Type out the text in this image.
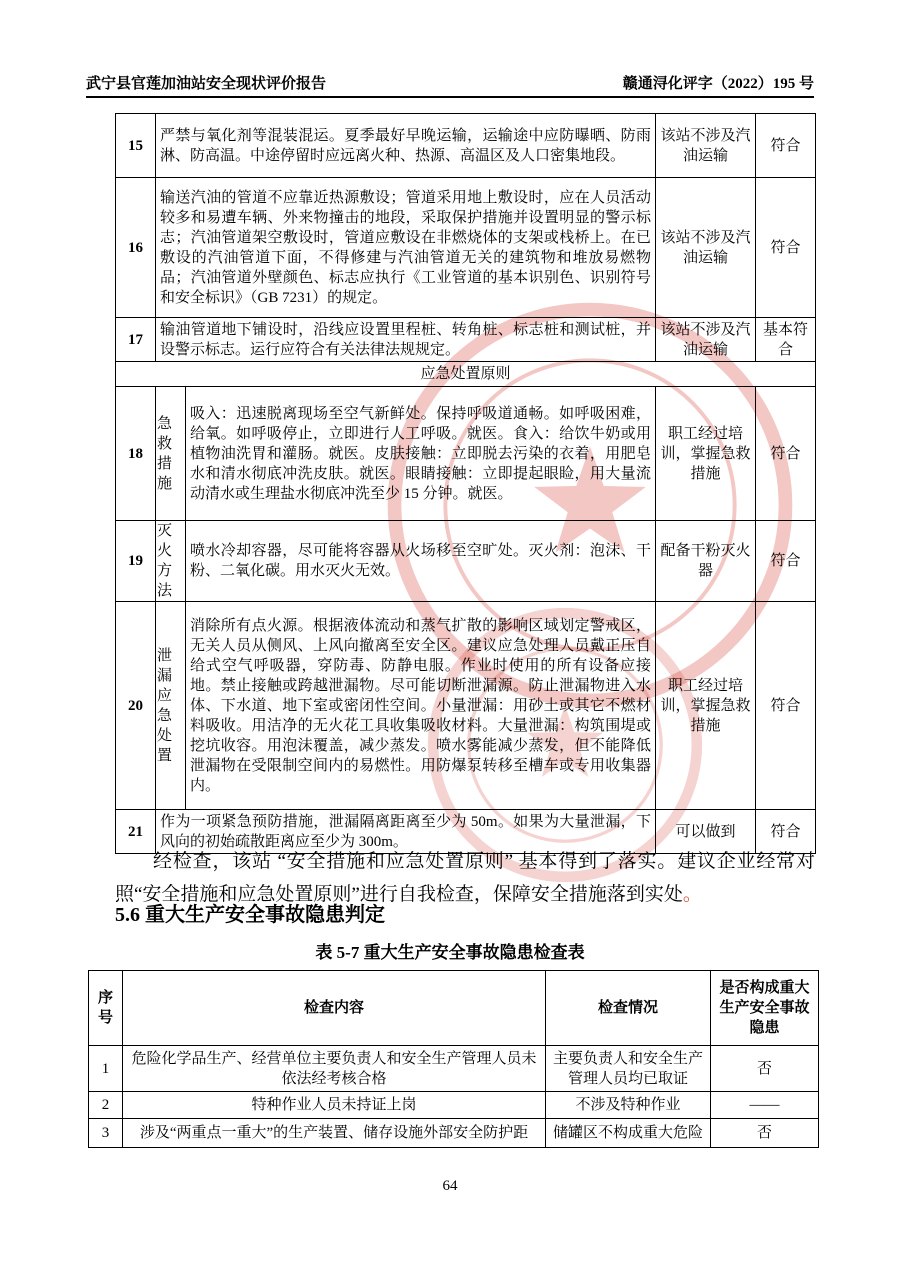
武宁县官莲加油站安全现状评价报告	赣通浔化评字（2022）195 号
15	严禁与氧化剂等混装混运。夏季最好早晚运输，运输途中应防曝晒、防雨淋、防高温。中途停留时应远离火种、热源、高温区及人口密集地段。		该站不涉及汽油运输	符合
16	输送汽油的管道不应靠近热源敷设；管道采用地上敷设时，应在人员活动较多和易遭车辆、外来物撞击的地段，采取保护措施并设置明显的警示标志；汽油管道架空敷设时，管道应敷设在非燃烧体的支架或栈桥上。在已敷设的汽油管道下面，不得修建与汽油管道无关的建筑物和堆放易燃物品；汽油管道外壁颜色、标志应执行《工业管道的基本识别色、识别符号和安全标识》（GB 7231）的规定。		该站不涉及汽油运输	符合
17	输油管道地下铺设时，沿线应设置里程桩、转角桩、标志桩和测试桩，并设警示标志。运行应符合有关法律法规规定。		该站不涉及汽油运输	基本符合
应急处置原则				
18	急救措施	吸入：迅速脱离现场至空气新鲜处。保持呼吸道通畅。如呼吸困难，给氧。如呼吸停止，立即进行人工呼吸。就医。食入：给饮牛奶或用植物油洗胃和灌肠。就医。皮肤接触：立即脱去污染的衣着，用肥皂水和清水彻底冲洗皮肤。就医。眼睛接触：立即提起眼睑，用大量流动清水或生理盐水彻底冲洗至少 15 分钟。就医。	职工经过培训，掌握急救措施	符合
19	灭火方法	喷水冷却容器，尽可能将容器从火场移至空旷处。灭火剂：泡沫、干粉、二氧化碳。用水灭火无效。	配备干粉灭火器	符合
20	泄漏应急处置	消除所有点火源。根据液体流动和蒸气扩散的影响区域划定警戒区，无关人员从侧风、上风向撤离至安全区。建议应急处理人员戴正压自给式空气呼吸器，穿防毒、防静电服。作业时使用的所有设备应接地。禁止接触或跨越泄漏物。尽可能切断泄漏源。防止泄漏物进入水体、下水道、地下室或密闭性空间。小量泄漏：用砂土或其它不燃材料吸收。用洁净的无火花工具收集吸收材料。大量泄漏：构筑围堤或挖坑收容。用泡沫覆盖，减少蒸发。喷水雾能减少蒸发，但不能降低泄漏物在受限制空间内的易燃性。用防爆泵转移至槽车或专用收集器内。	职工经过培训，掌握急救措施	符合
21	作为一项紧急预防措施，泄漏隔离距离至少为 50m。如果为大量泄漏，下风向的初始疏散距离应至少为 300m。		可以做到	符合

经检查，该站 “安全措施和应急处置原则” 基本得到了落实。建议企业经常对照“安全措施和应急处置原则”进行自我检查，保障安全措施落到实处。

5.6 重大生产安全事故隐患判定
表 5-7 重大生产安全事故隐患检查表
序号	检查内容	检查情况	是否构成重大生产安全事故隐患
1	危险化学品生产、经营单位主要负责人和安全生产管理人员未依法经考核合格	主要负责人和安全生产管理人员均已取证	否
2	特种作业人员未持证上岗	不涉及特种作业	——
3	涉及“两重点一重大”的生产装置、储存设施外部安全防护距	储罐区不构成重大危险	否
64
